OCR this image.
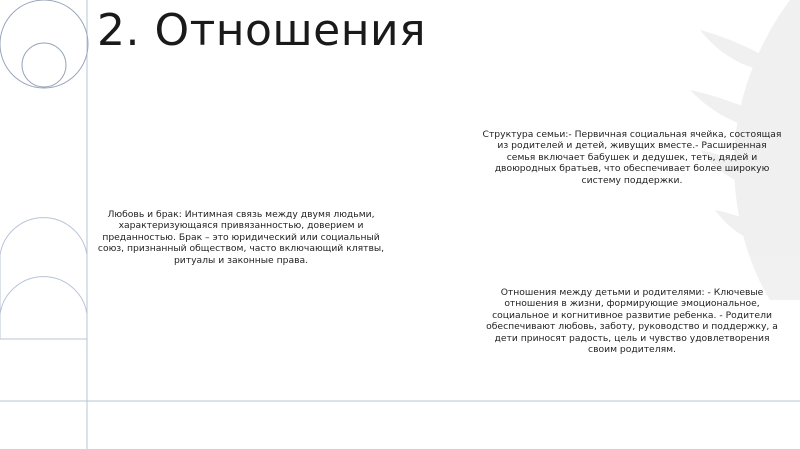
2. Отношения
Любовь и брак: Интимная связь между двумя людьми, характеризующаяся привязанностью, доверием и преданностью. Брак – это юридический или социальный союз, признанный обществом, часто включающий клятвы, ритуалы и законные права.
Структура семьи:- Первичная социальная ячейка, состоящая из родителей и детей, живущих вместе.- Расширенная семья включает бабушек и дедушек, теть, дядей и двоюродных братьев, что обеспечивает более широкую систему поддержки.
Отношения между детьми и родителями: - Ключевые отношения в жизни, формирующие эмоциональное, социальное и когнитивное развитие ребенка. - Родители обеспечивают любовь, заботу, руководство и поддержку, а дети приносят радость, цель и чувство удовлетворения своим родителям.
